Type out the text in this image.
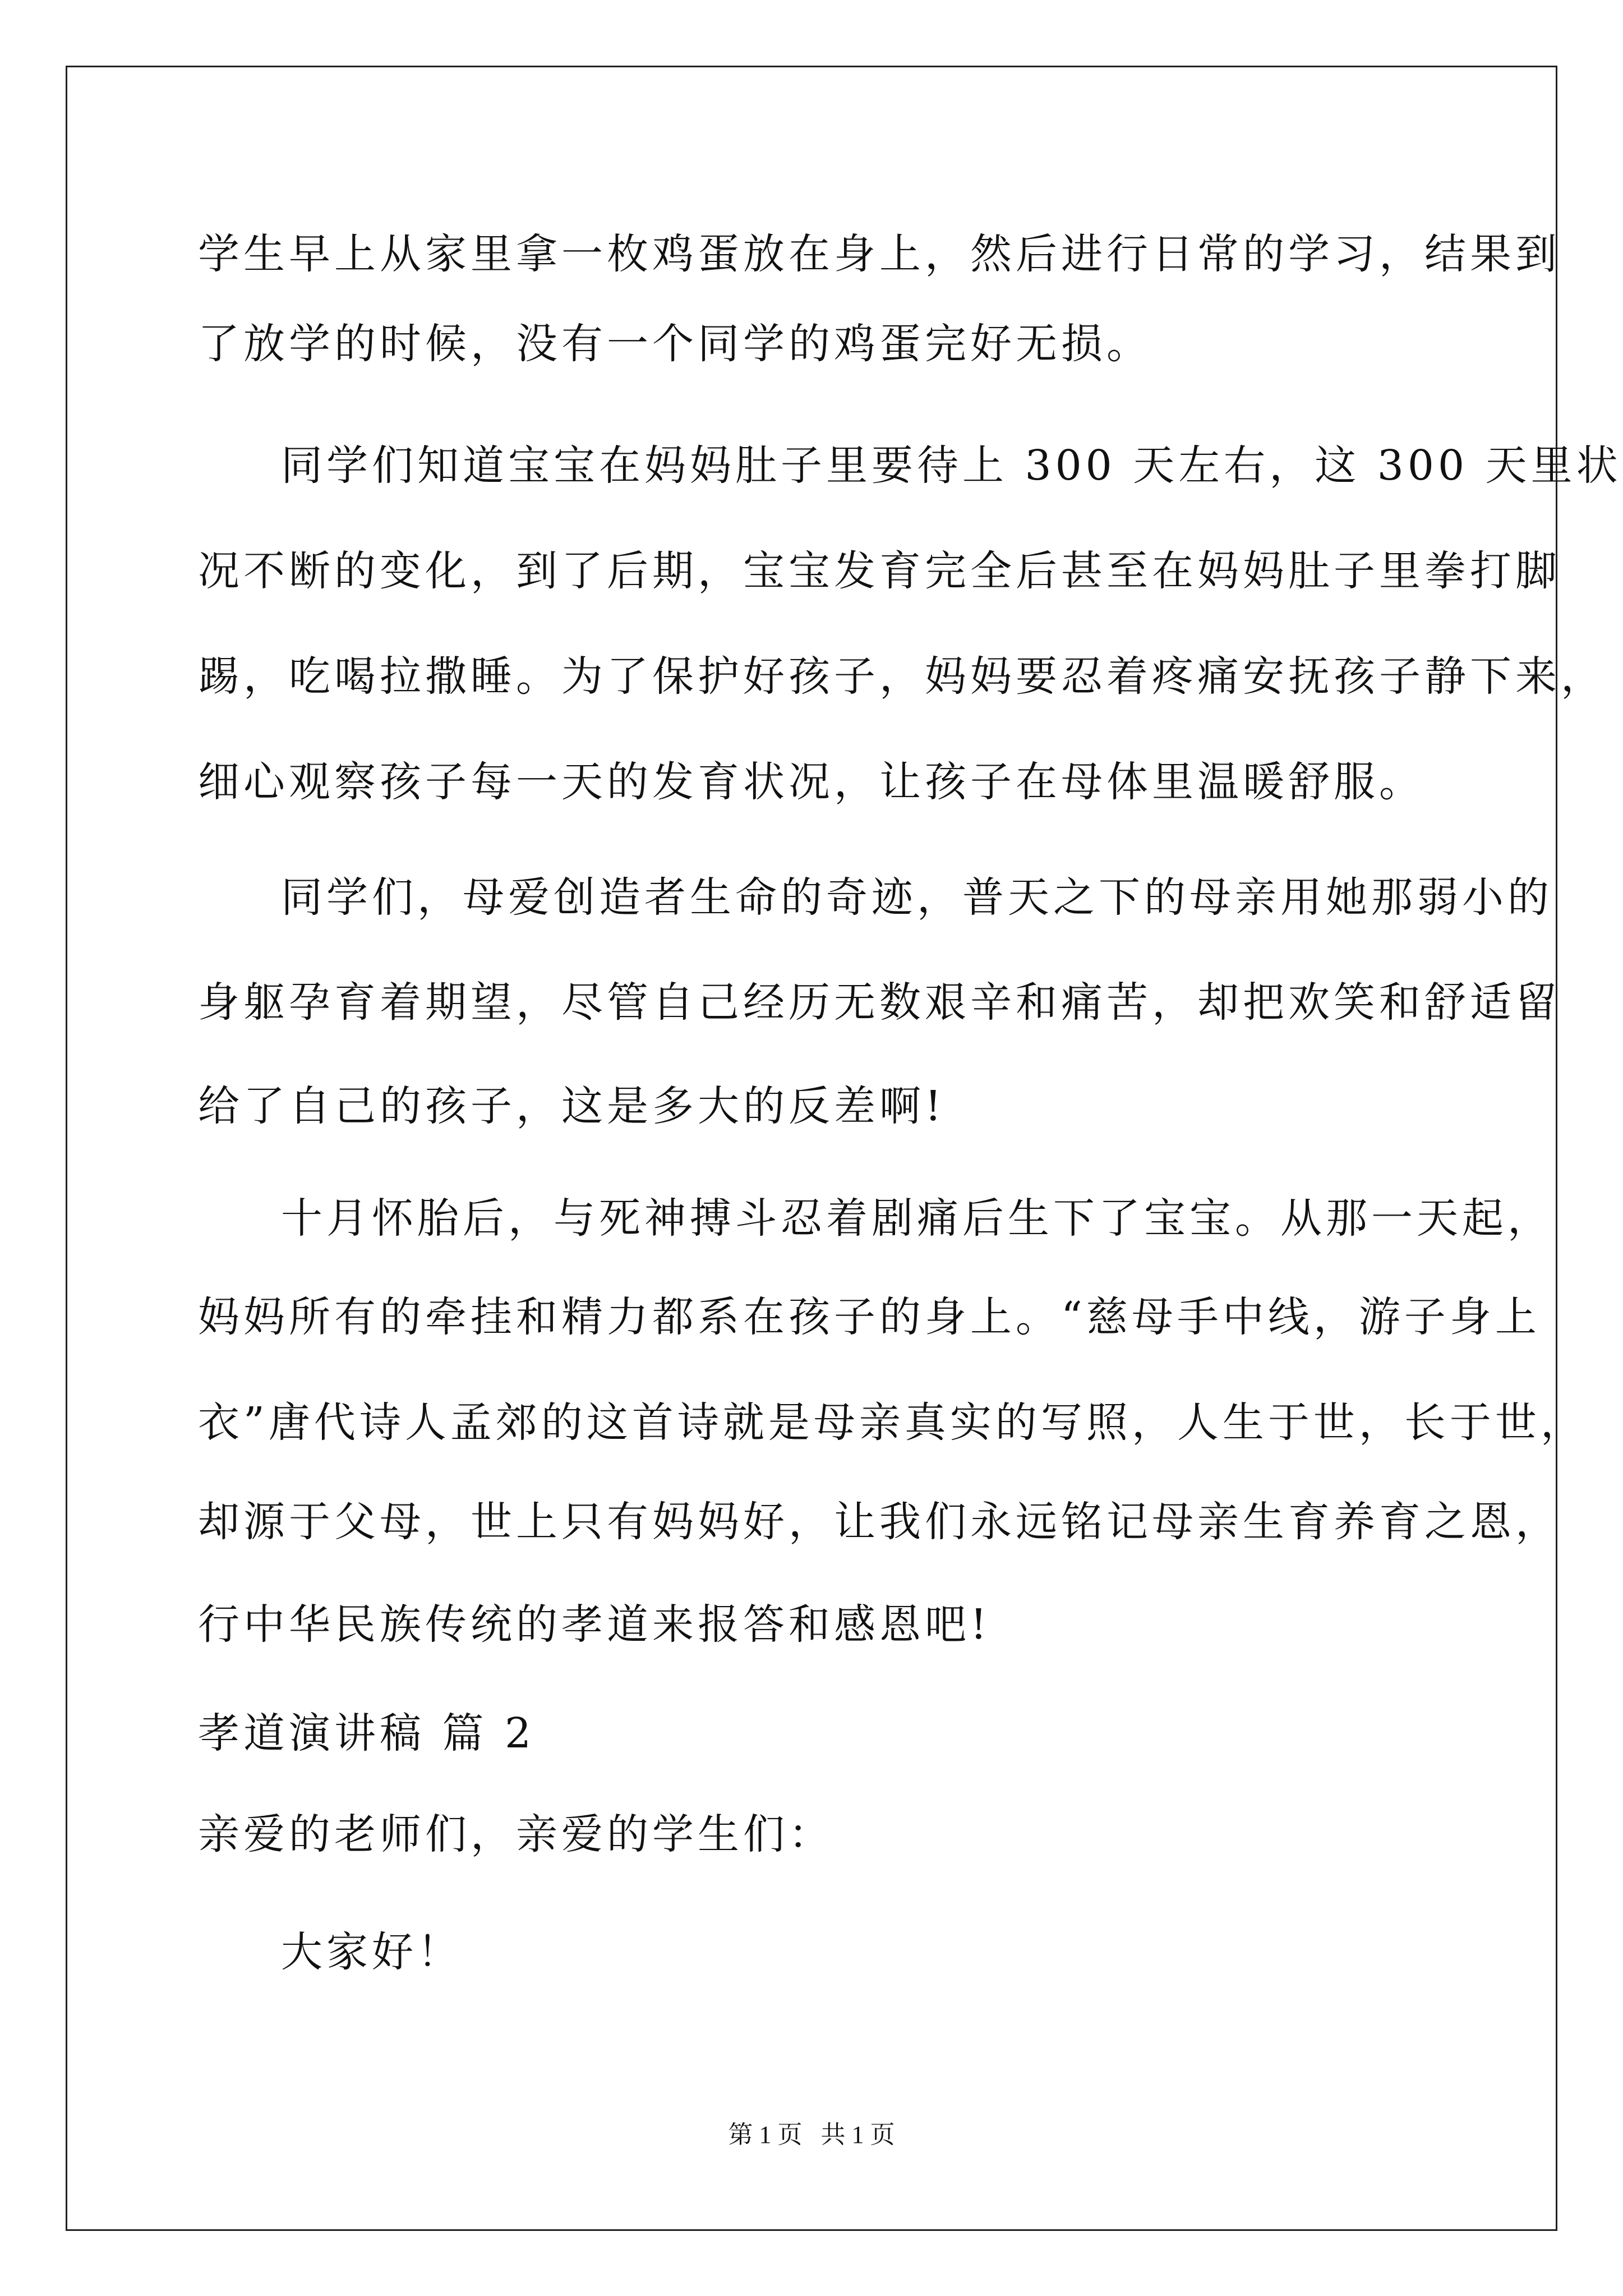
学生早上从家里拿一枚鸡蛋放在身上，然后进行日常的学习，结果到
了放学的时候，没有一个同学的鸡蛋完好无损。
同学们知道宝宝在妈妈肚子里要待上 300 天左右，这 300 天里状
况不断的变化，到了后期，宝宝发育完全后甚至在妈妈肚子里拳打脚
踢，吃喝拉撒睡。为了保护好孩子，妈妈要忍着疼痛安抚孩子静下来，
细心观察孩子每一天的发育状况，让孩子在母体里温暖舒服。
同学们，母爱创造者生命的奇迹，普天之下的母亲用她那弱小的
身躯孕育着期望，尽管自己经历无数艰辛和痛苦，却把欢笑和舒适留
给了自己的孩子，这是多大的反差啊!
十月怀胎后，与死神搏斗忍着剧痛后生下了宝宝。从那一天起，
妈妈所有的牵挂和精力都系在孩子的身上。“慈母手中线，游子身上
衣”唐代诗人孟郊的这首诗就是母亲真实的写照，人生于世，长于世，
却源于父母，世上只有妈妈好，让我们永远铭记母亲生育养育之恩，
行中华民族传统的孝道来报答和感恩吧!
孝道演讲稿 篇 2
亲爱的老师们，亲爱的学生们：
大家好！
第 1 页   共 1 页
